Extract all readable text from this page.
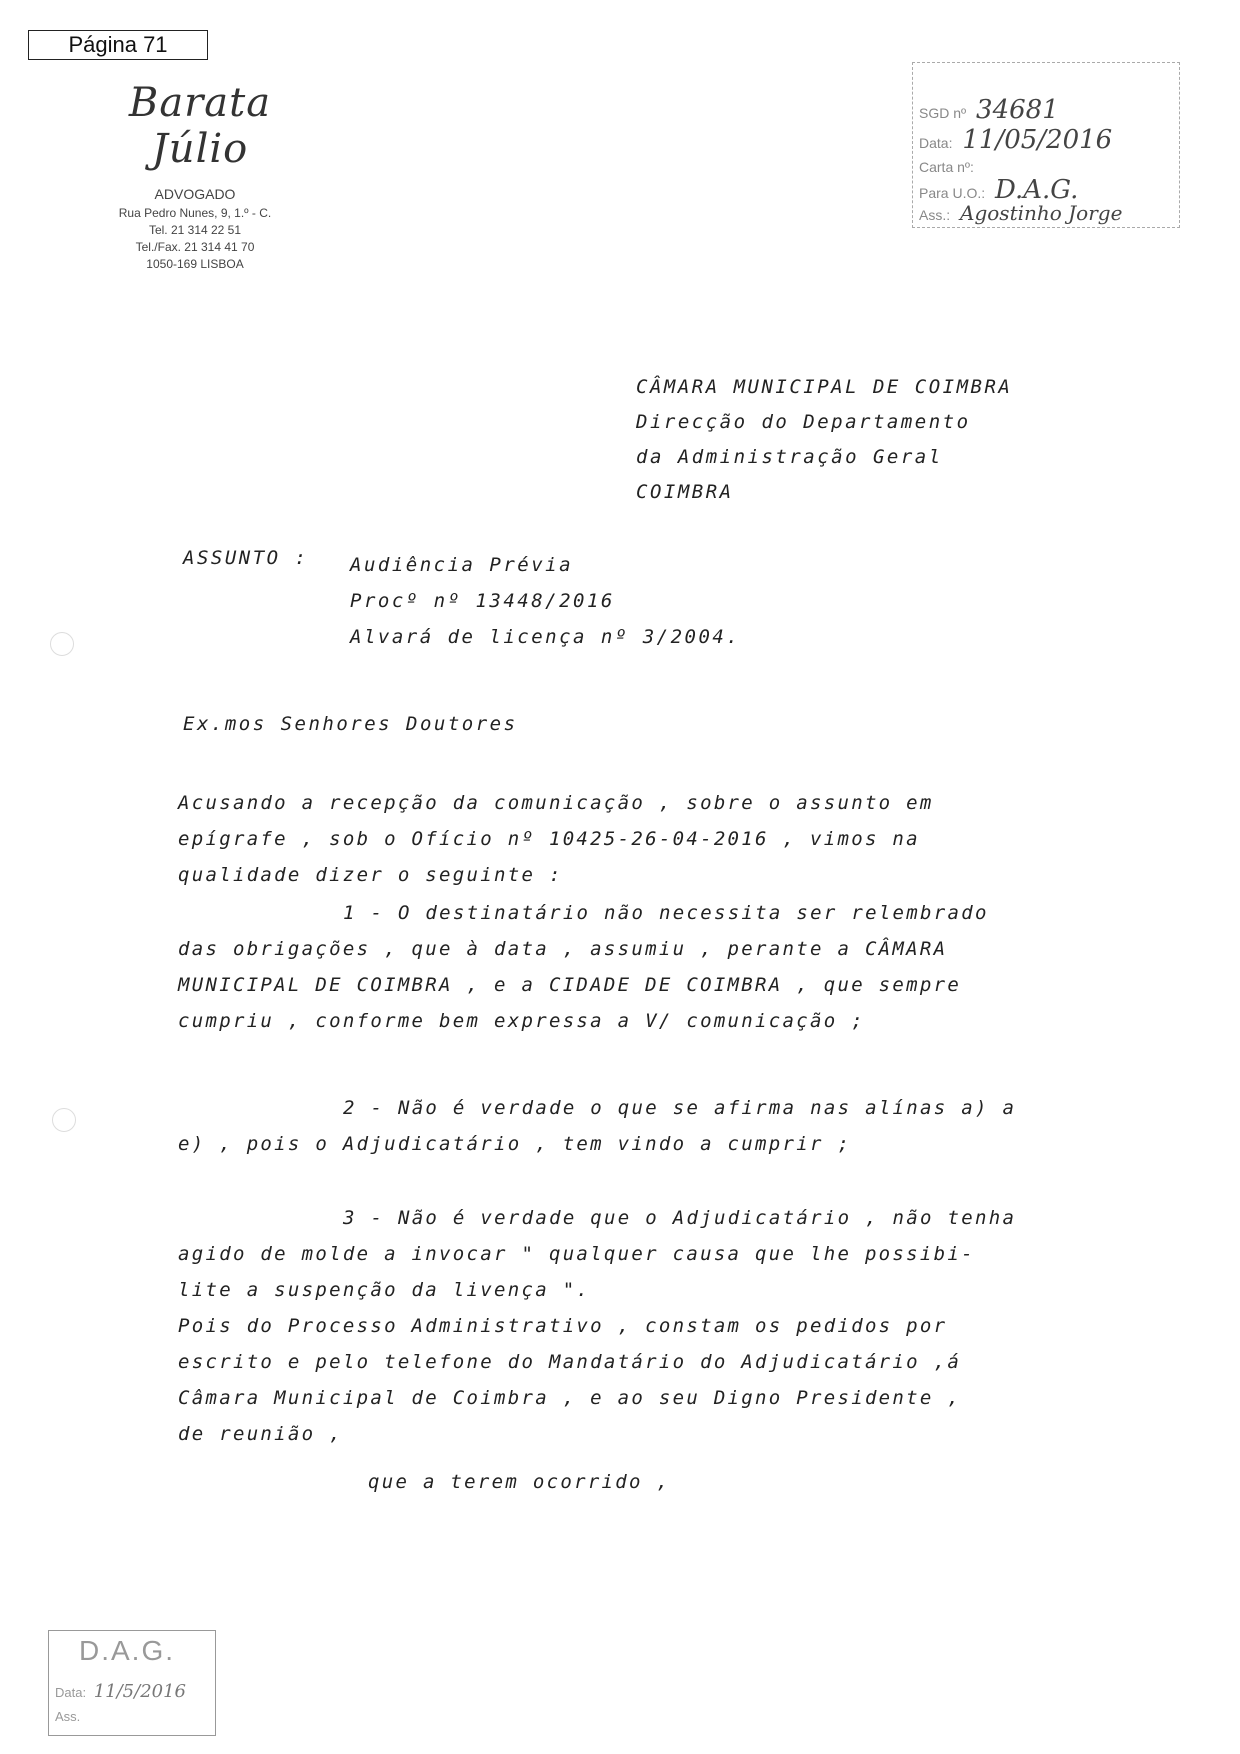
Página 71
Barata Júlio
ADVOGADO
Rua Pedro Nunes, 9, 1.º - C.
Tel. 21 314 22 51
Tel./Fax. 21 314 41 70
1050-169 LISBOA
SGD nº 34681
Data: 11/05/2016
Carta nº:
Para U.O.: D.A.G.
Ass.: Agostinho Jorge
CÂMARA MUNICIPAL DE COIMBRA
Direcção do Departamento
da Administração Geral
COIMBRA
ASSUNTO : Audiência Prévia
Procº nº 13448/2016
Alvará de licença nº 3/2004.
Ex.mos Senhores Doutores
Acusando a recepção da comunicação , sobre o assunto em
epígrafe , sob o Ofício nº 10425-26-04-2016 , vimos na
qualidade dizer o seguinte :
1 - O destinatário não necessita ser relembrado
das obrigações , que à data , assumiu , perante a CÂMARA
MUNICIPAL DE COIMBRA , e a CIDADE DE COIMBRA , que sempre
cumpriu , conforme bem expressa a V/ comunicação ;
2 - Não é verdade o que se afirma nas alínas a) a
e) , pois o Adjudicatário , tem vindo a cumprir ;
3 - Não é verdade que o Adjudicatário , não tenha
agido de molde a invocar " qualquer causa que lhe possibi-
lite a suspenção da livença ".
Pois do Processo Administrativo , constam os pedidos por
escrito e pelo telefone do Mandatário do Adjudicatário ,á
Câmara Municipal de Coimbra , e ao seu Digno Presidente ,
de reunião ,
que a terem ocorrido ,
D.A.G.
Data: 11/5/2016
Ass.
